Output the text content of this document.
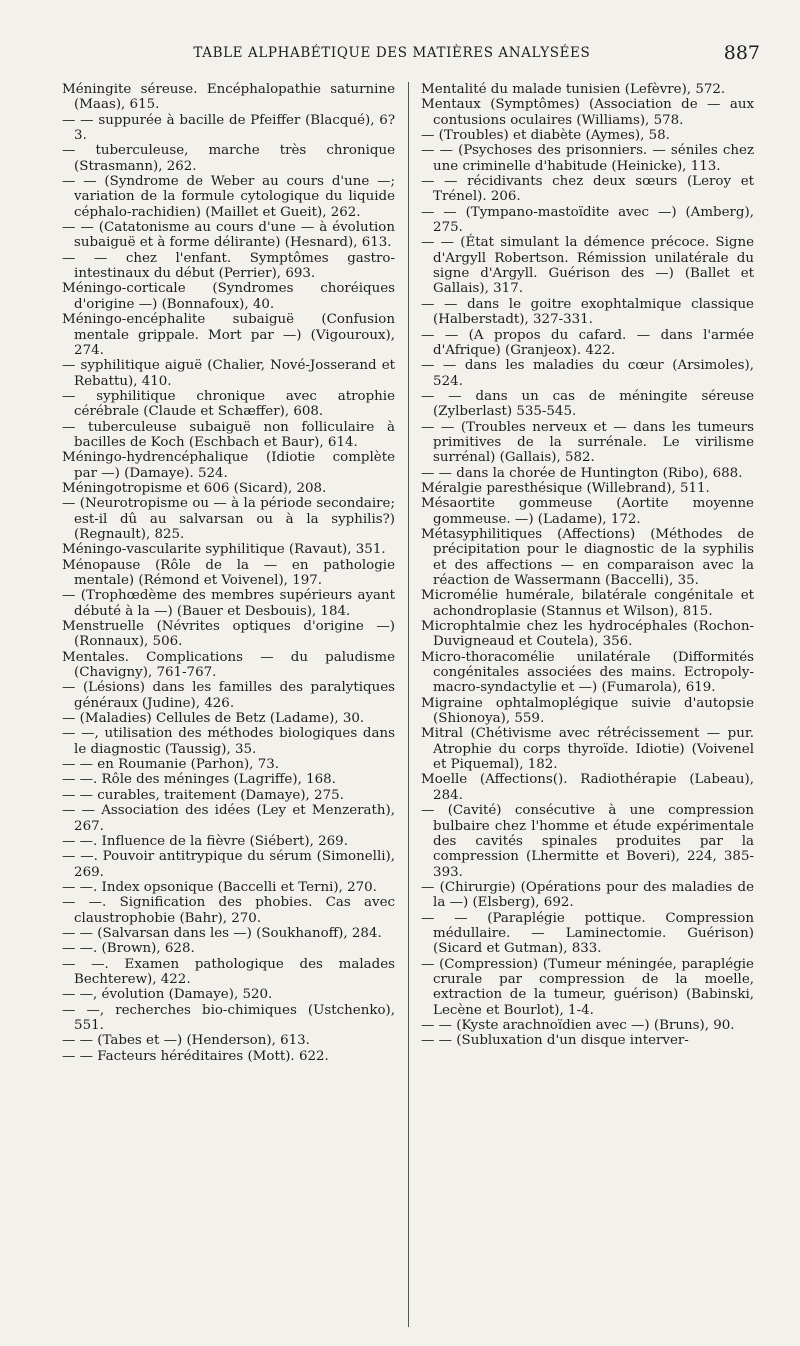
TABLE ALPHABÉTIQUE DES MATIÈRES ANALYSÉES	887
Méningite séreuse. Encéphalopathie saturnine (Maas), 615.
— — suppurée à bacille de Pfeiffer (Blacqué), 6?3.
— tuberculeuse, marche très chronique (Strasmann), 262.
— — (Syndrome de Weber au cours d'une —; variation de la formule cytologique du liquide céphalo-rachidien) (Maillet et Gueit), 262.
— — (Catatonisme au cours d'une — à évolution subaiguë et à forme délirante) (Hesnard), 613.
— — chez l'enfant. Symptômes gastro-intestinaux du début (Perrier), 693.
Méningo-corticale (Syndromes choréiques d'origine —) (Bonnafoux), 40.
Méningo-encéphalite subaiguë (Confusion mentale grippale. Mort par —) (Vigouroux), 274.
— syphilitique aiguë (Chalier, Nové-Josserand et Rebattu), 410.
— syphilitique chronique avec atrophie cérébrale (Claude et Schæffer), 608.
— tuberculeuse subaiguë non folliculaire à bacilles de Koch (Eschbach et Baur), 614.
Méningo-hydrencéphalique (Idiotie complète par —) (Damaye). 524.
Méningotropisme et 606 (Sicard), 208.
— (Neurotropisme ou — à la période secondaire; est-il dû au salvarsan ou à la syphilis?) (Regnault), 825.
Méningo-vascularite syphilitique (Ravaut), 351.
Ménopause (Rôle de la — en pathologie mentale) (Rémond et Voivenel), 197.
— (Trophœdème des membres supérieurs ayant débuté à la —) (Bauer et Desbouis), 184.
Menstruelle (Névrites optiques d'origine —) (Ronnaux), 506.
Mentales. Complications — du paludisme (Chavigny), 761-767.
— (Lésions) dans les familles des paralytiques généraux (Judine), 426.
— (Maladies) Cellules de Betz (Ladame), 30.
— —, utilisation des méthodes biologiques dans le diagnostic (Taussig), 35.
— — en Roumanie (Parhon), 73.
— —. Rôle des méninges (Lagriffe), 168.
— — curables, traitement (Damaye), 275.
— — Association des idées (Ley et Menzerath), 267.
— —. Influence de la fièvre (Siébert), 269.
— —. Pouvoir antitrypique du sérum (Simonelli), 269.
— —. Index opsonique (Baccelli et Terni), 270.
— —. Signification des phobies. Cas avec claustrophobie (Bahr), 270.
— — (Salvarsan dans les —) (Soukhanoff), 284.
— —. (Brown), 628.
— —. Examen pathologique des malades Bechterew), 422.
— —, évolution (Damaye), 520.
— —, recherches bio-chimiques (Ustchenko), 551.
— — (Tabes et —) (Henderson), 613.
— — Facteurs héréditaires (Mott). 622.
Mentalité du malade tunisien (Lefèvre), 572.
Mentaux (Symptômes) (Association de — aux contusions oculaires (Williams), 578.
— (Troubles) et diabète (Aymes), 58.
— — (Psychoses des prisonniers. — séniles chez une criminelle d'habitude (Heinicke), 113.
— — récidivants chez deux sœurs (Leroy et Trénel). 206.
— — (Tympano-mastoïdite avec —) (Amberg), 275.
— — (État simulant la démence précoce. Signe d'Argyll Robertson. Rémission unilatérale du signe d'Argyll. Guérison des —) (Ballet et Gallais), 317.
— — dans le goitre exophtalmique classique (Halberstadt), 327-331.
— — (A propos du cafard. — dans l'armée d'Afrique) (Granjeox). 422.
— — dans les maladies du cœur (Arsimoles), 524.
— — dans un cas de méningite séreuse (Zylberlast) 535-545.
— — (Troubles nerveux et — dans les tumeurs primitives de la surrénale. Le virilisme surrénal) (Gallais), 582.
— — dans la chorée de Huntington (Ribo), 688.
Méralgie paresthésique (Willebrand), 511.
Mésaortite gommeuse (Aortite moyenne gommeuse. —) (Ladame), 172.
Métasyphilitiques (Affections) (Méthodes de précipitation pour le diagnostic de la syphilis et des affections — en comparaison avec la réaction de Wassermann (Baccelli), 35.
Micromélie humérale, bilatérale congénitale et achondroplasie (Stannus et Wilson), 815.
Microphtalmie chez les hydrocéphales (Rochon-Duvigneaud et Coutela), 356.
Micro-thoracomélie unilatérale (Difformités congénitales associées des mains. Ectropoly-macro-syndactylie et —) (Fumarola), 619.
Migraine ophtalmoplégique suivie d'autopsie (Shionoya), 559.
Mitral (Chétivisme avec rétrécissement — pur. Atrophie du corps thyroïde. Idiotie) (Voivenel et Piquemal), 182.
Moelle (Affections(). Radiothérapie (Labeau), 284.
— (Cavité) consécutive à une compression bulbaire chez l'homme et étude expérimentale des cavités spinales produites par la compression (Lhermitte et Boveri), 224, 385-393.
— (Chirurgie) (Opérations pour des maladies de la —) (Elsberg), 692.
— — (Paraplégie pottique. Compression médullaire. — Laminectomie. Guérison) (Sicard et Gutman), 833.
— (Compression) (Tumeur méningée, paraplégie crurale par compression de la moelle, extraction de la tumeur, guérison) (Babinski, Lecène et Bourlot), 1-4.
— — (Kyste arachnoïdien avec —) (Bruns), 90.
— — (Subluxation d'un disque interver-
